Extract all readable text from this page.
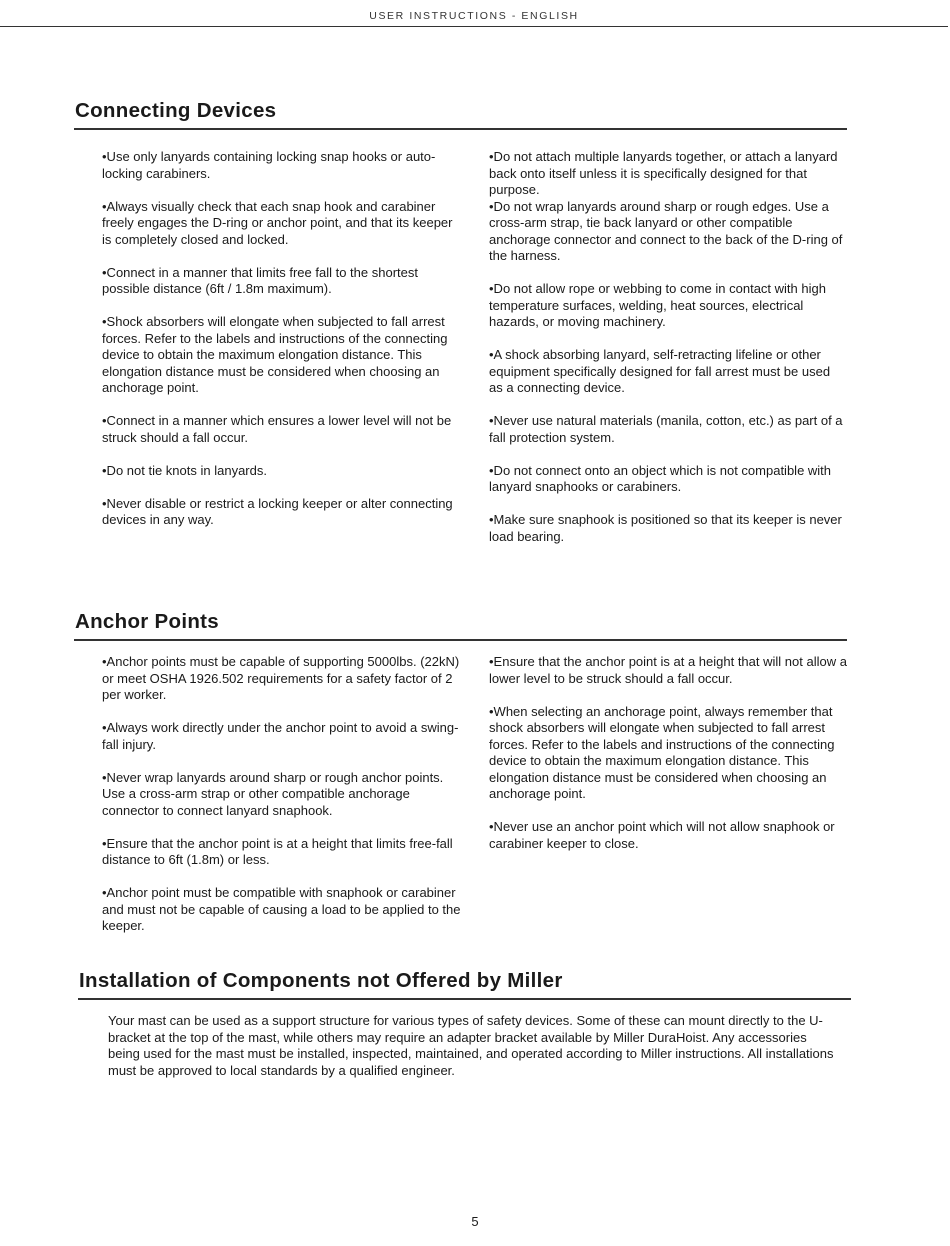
USER INSTRUCTIONS - ENGLISH
Connecting Devices

•Use only lanyards containing locking snap hooks or auto-locking carabiners.

•Always visually check that each snap hook and carabiner freely engages the D-ring or anchor point, and that its keeper is completely closed and locked.

•Connect in a manner that limits free fall to the shortest possible distance (6ft / 1.8m maximum).

•Shock absorbers will elongate when subjected to fall arrest forces. Refer to the labels and instructions of the connecting device to obtain the maximum elongation distance. This elongation distance must be considered when choosing an anchorage point.

•Connect in a manner which ensures a lower level will not be struck should a fall occur.

•Do not tie knots in lanyards.

•Never disable or restrict a locking keeper or alter connecting devices in any way.

•Do not attach multiple lanyards together, or attach a lanyard back onto itself unless it is specifically designed for that purpose.

•Do not wrap lanyards around sharp or rough edges. Use a cross-arm strap, tie back lanyard or other compatible anchorage connector and connect to the back of the D-ring of the harness.

•Do not allow rope or webbing to come in contact with high temperature surfaces, welding, heat sources, electrical hazards, or moving machinery.

•A shock absorbing lanyard, self-retracting lifeline or other equipment specifically designed for fall arrest must be used as a connecting device.

•Never use natural materials (manila, cotton, etc.) as part of a fall protection system.

•Do not connect onto an object which is not compatible with lanyard snaphooks or carabiners.

•Make sure snaphook is positioned so that its keeper is never load bearing.

Anchor Points

•Anchor points must be capable of supporting 5000lbs. (22kN) or meet OSHA 1926.502 requirements for a safety factor of 2 per worker.

•Always work directly under the anchor point to avoid a swing-fall injury.

•Never wrap lanyards around sharp or rough anchor points. Use a cross-arm strap or other compatible anchorage connector to connect lanyard snaphook.

•Ensure that the anchor point is at a height that limits free-fall distance to 6ft (1.8m) or less.

•Anchor point must be compatible with snaphook or carabiner and must not be capable of causing a load to be applied to the keeper.

•Ensure that the anchor point is at a height that will not allow a lower level to be struck should a fall occur.

•When selecting an anchorage point, always remember that shock absorbers will elongate when subjected to fall arrest forces. Refer to the labels and instructions of the connecting device to obtain the maximum elongation distance. This elongation distance must be considered when choosing an anchorage point.

•Never use an anchor point which will not allow snaphook or carabiner keeper to close.

Installation of Components not Offered by Miller

Your mast can be used as a support structure for various types of safety devices. Some of these can mount directly to the U-bracket at the top of the mast, while others may require an adapter bracket available by Miller DuraHoist. Any accessories being used for the mast must be installed, inspected, maintained, and operated according to Miller instructions. All installations must be approved to local standards by a qualified engineer.

5
